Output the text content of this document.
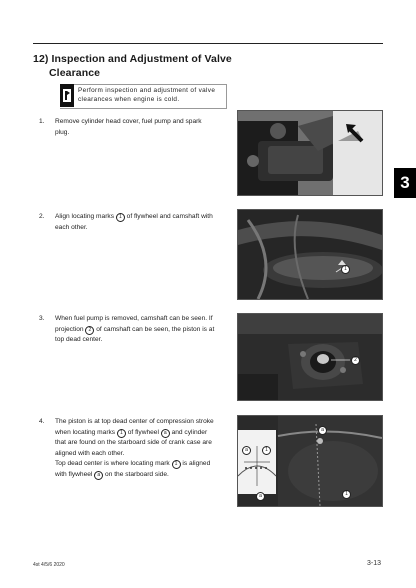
12) Inspection and Adjustment of Valve
Clearance
Perform inspection and adjustment of valve
clearances when engine is cold.
1. Remove cylinder head cover, fuel pump and spark
plug.
2. Align locating marks 1 of flywheel and camshaft with
each other.
3. When fuel pump is removed, camshaft can be seen. If
projection 2 of camshaft can be seen, the piston is at
top dead center.
4. The piston is at top dead center of compression stroke
when locating marks 1 of flywheel a and cylinder
that are found on the starboard side of crank case are
aligned with each other.
Top dead center is where locating mark 1 is aligned
with flywheel a on the starboard side.
1
2
a	1
a
1
a
3
4st 4/5/6 2020	3-13
